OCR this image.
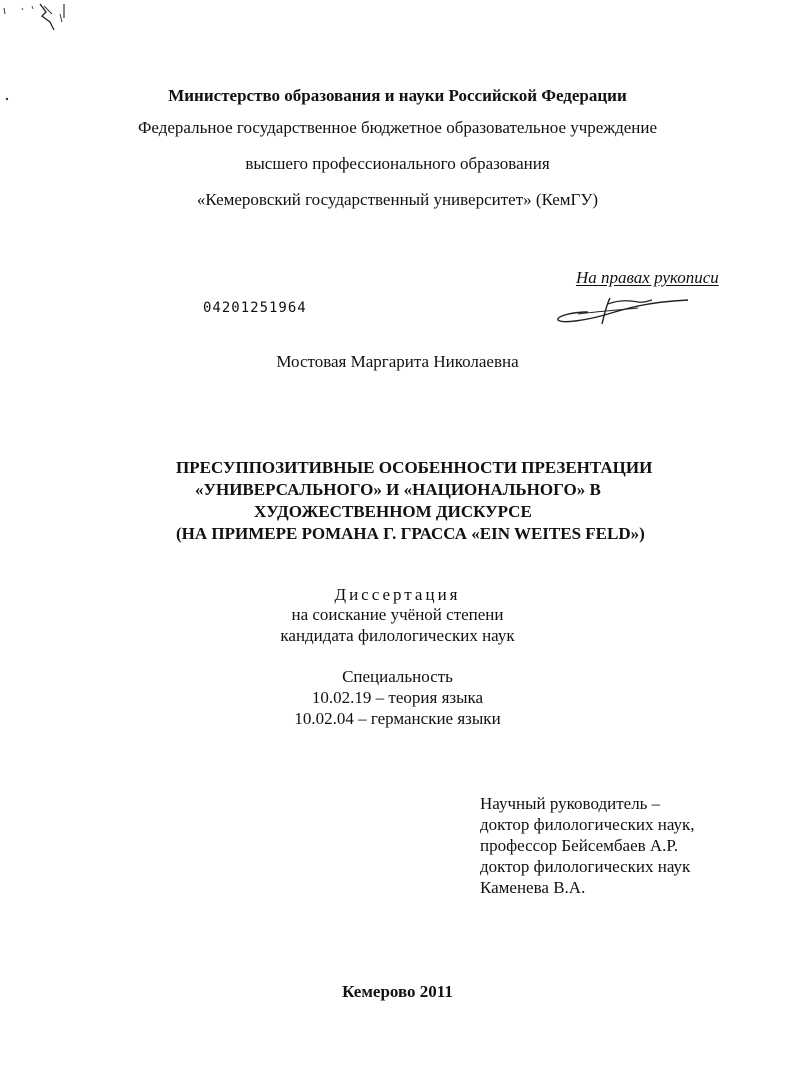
Министерство образования и науки Российской Федерации
Федеральное государственное бюджетное образовательное учреждение
высшего профессионального образования
«Кемеровский государственный университет» (КемГУ)
На правах рукописи
04201251964
Мостовая Маргарита Николаевна
ПРЕСУППОЗИТИВНЫЕ ОСОБЕННОСТИ ПРЕЗЕНТАЦИИ
«УНИВЕРСАЛЬНОГО» И «НАЦИОНАЛЬНОГО» В
ХУДОЖЕСТВЕННОМ ДИСКУРСЕ
(НА ПРИМЕРЕ РОМАНА Г. ГРАССА «EIN WEITES FELD»)
Диссертация
на соискание учёной степени
кандидата филологических наук
Специальность
10.02.19 – теория языка
10.02.04 – германские языки
Научный руководитель –
доктор филологических наук,
профессор Бейсембаев А.Р.
доктор филологических наук
Каменева В.А.
Кемерово 2011
